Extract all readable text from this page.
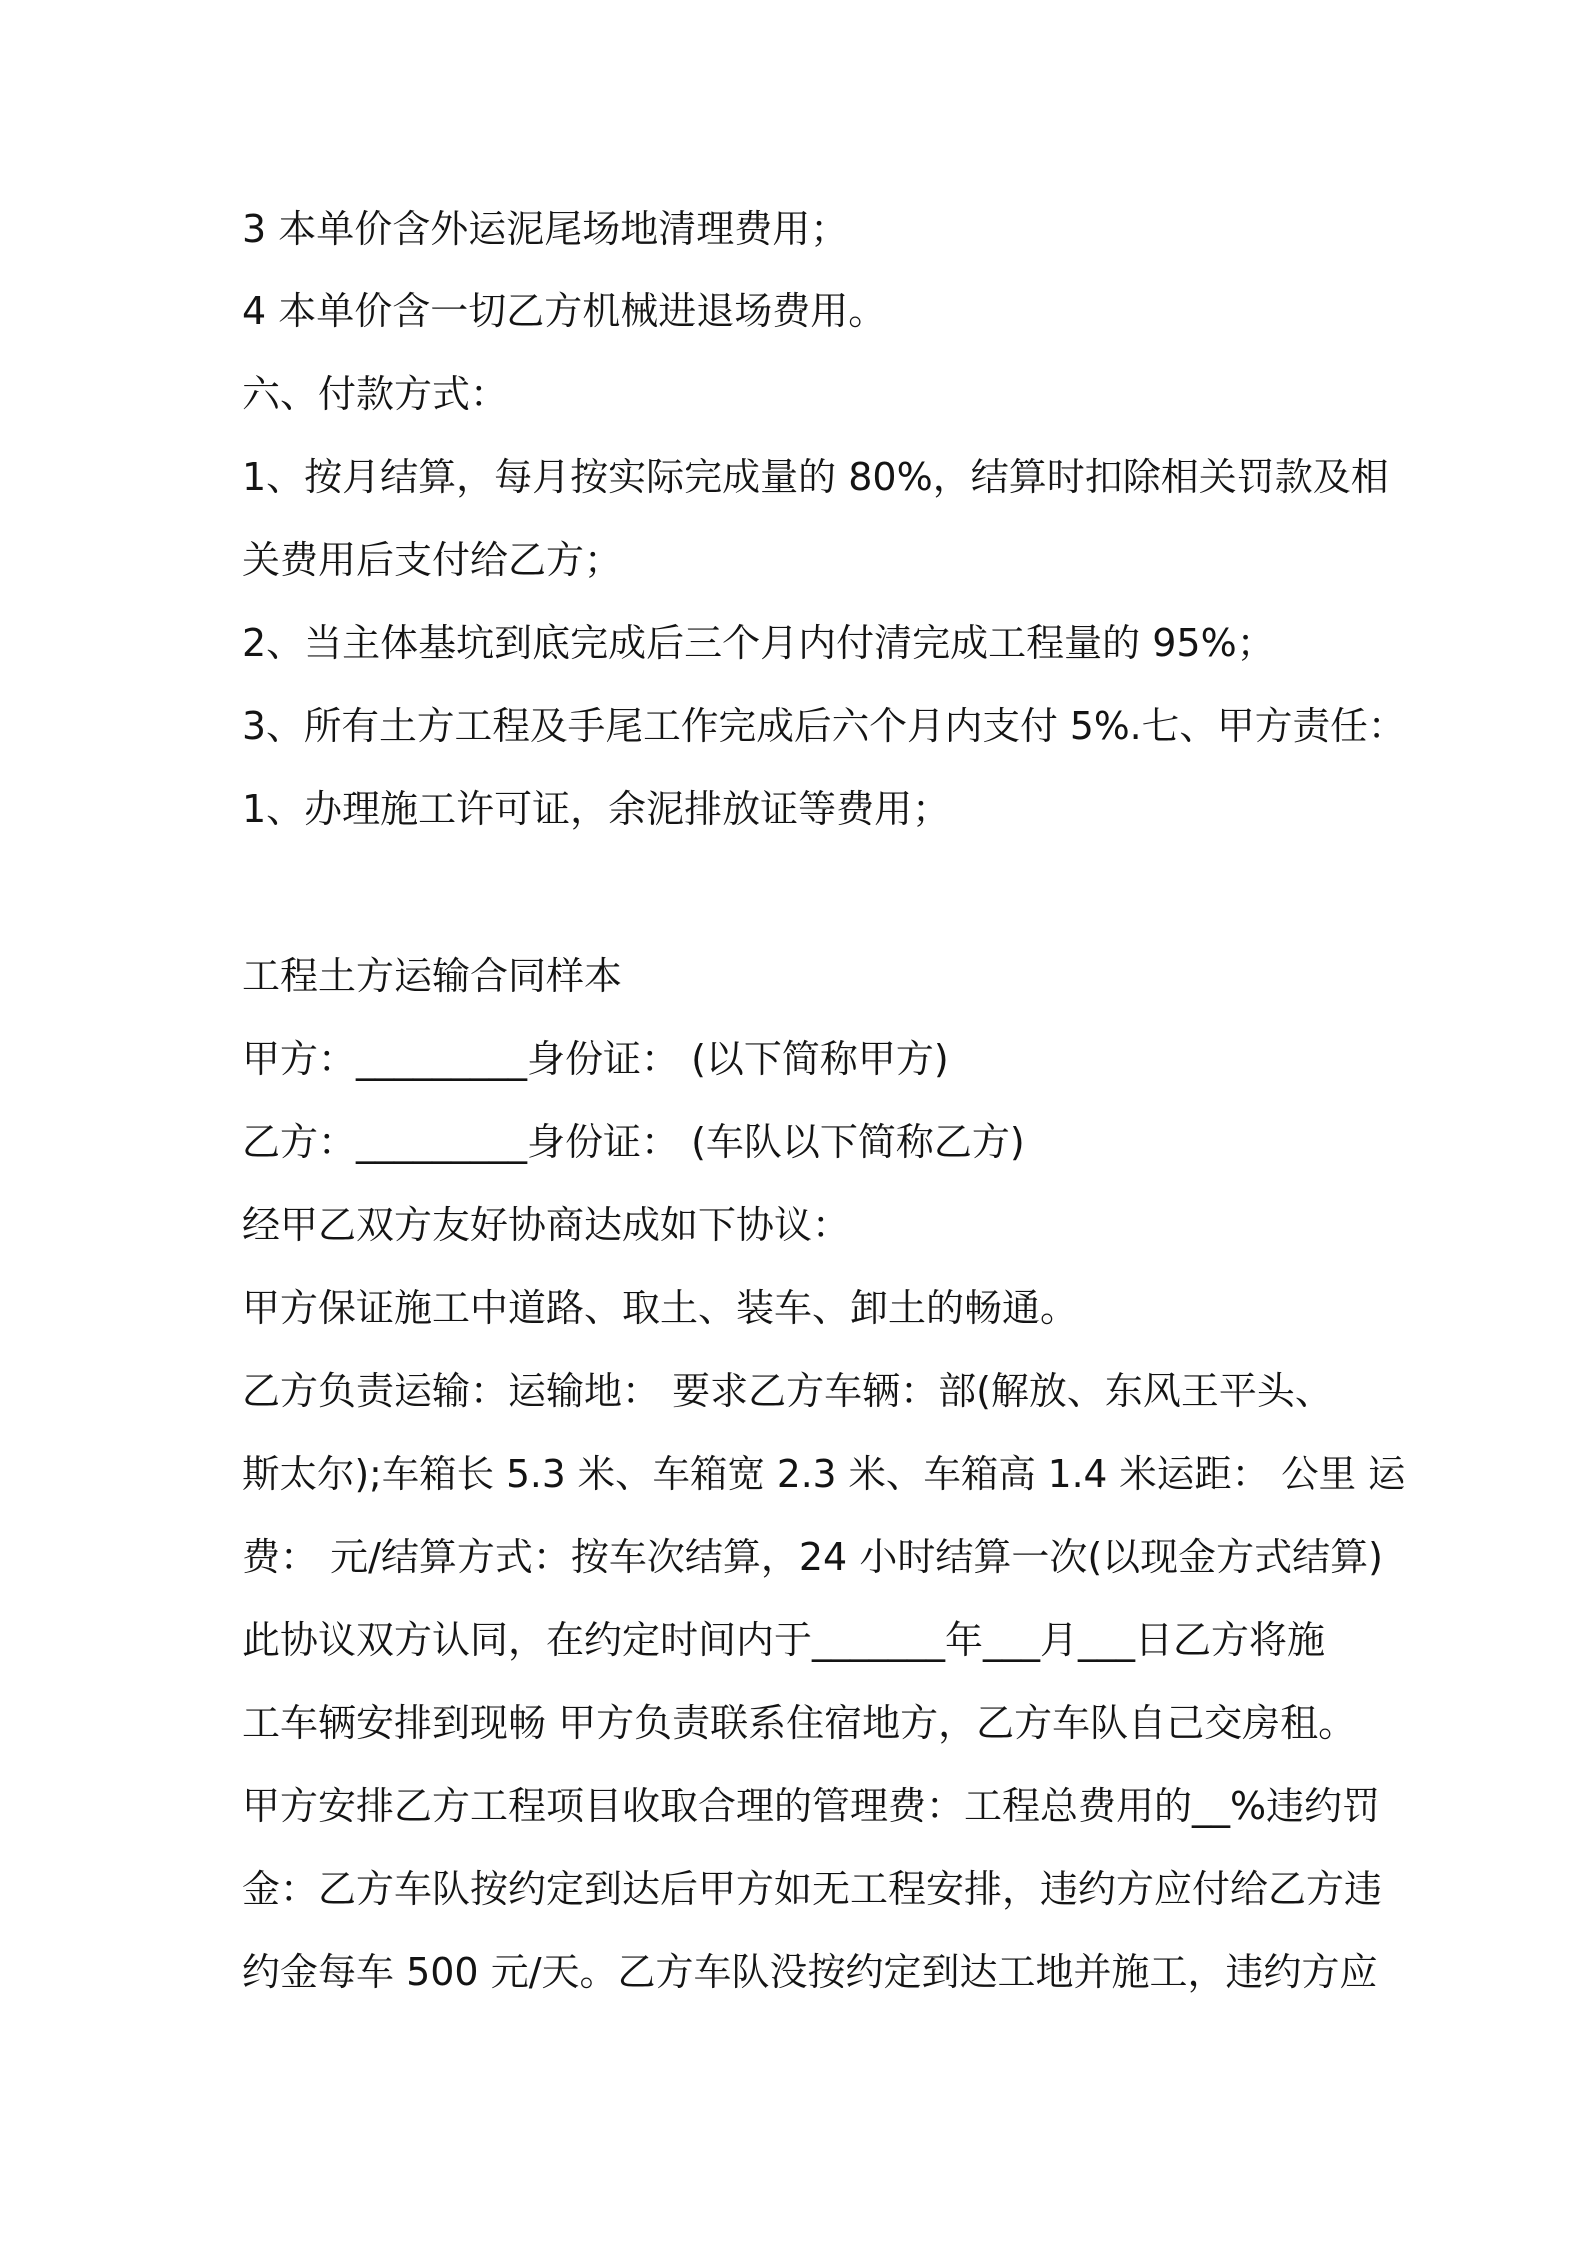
3 本单价含外运泥尾场地清理费用；
4 本单价含一切乙方机械进退场费用。
六、付款方式：
1、按月结算，每月按实际完成量的 80%，结算时扣除相关罚款及相
关费用后支付给乙方；
2、当主体基坑到底完成后三个月内付清完成工程量的 95%；
3、所有土方工程及手尾工作完成后六个月内支付 5%.七、甲方责任：
1、办理施工许可证，余泥排放证等费用；
工程土方运输合同样本
甲方：_________身份证： (以下简称甲方)
乙方：_________身份证： (车队以下简称乙方)
经甲乙双方友好协商达成如下协议：
甲方保证施工中道路、取土、装车、卸土的畅通。
乙方负责运输：运输地： 要求乙方车辆：部(解放、东风王平头、
斯太尔);车箱长 5.3 米、车箱宽 2.3 米、车箱高 1.4 米运距： 公里 运
费： 元/结算方式：按车次结算，24 小时结算一次(以现金方式结算)
此协议双方认同，在约定时间内于_______年___月___日乙方将施
工车辆安排到现畅 甲方负责联系住宿地方，乙方车队自己交房租。
甲方安排乙方工程项目收取合理的管理费：工程总费用的__%违约罚
金：乙方车队按约定到达后甲方如无工程安排，违约方应付给乙方违
约金每车 500 元/天。乙方车队没按约定到达工地并施工，违约方应
